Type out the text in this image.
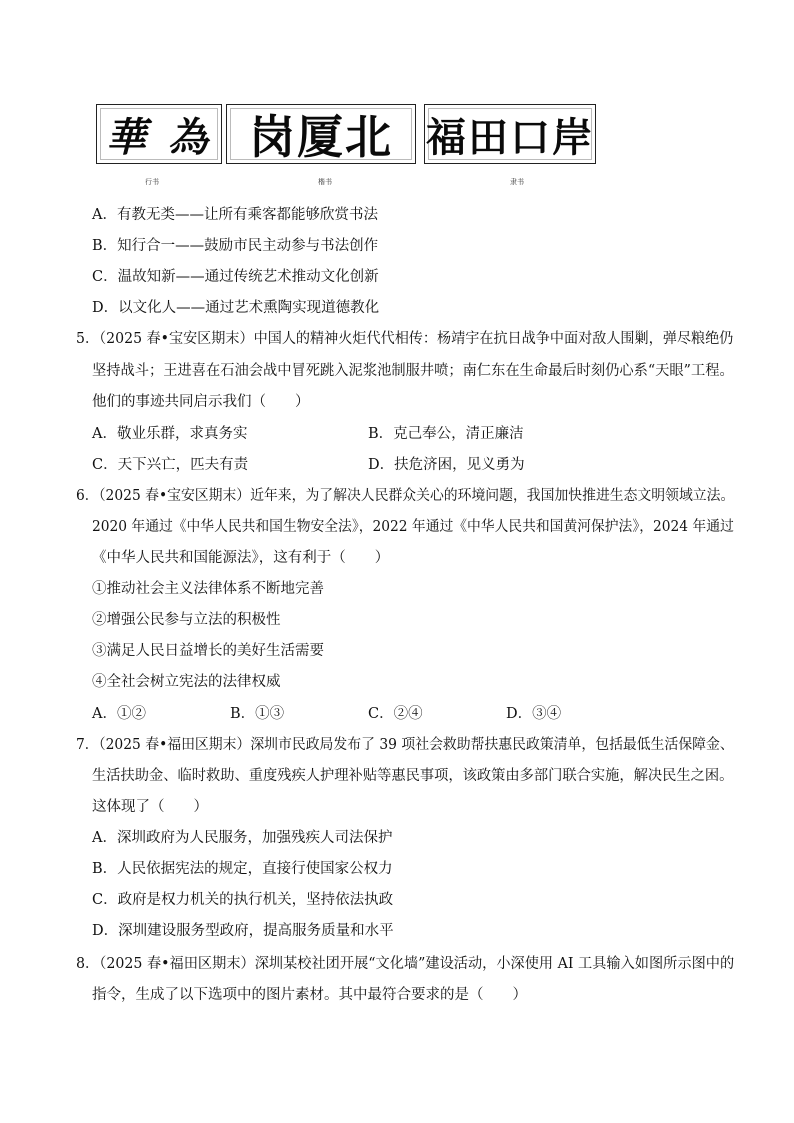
華 為 岗厦北 福田口岸
行书	楷书	隶书
A．有教无类——让所有乘客都能够欣赏书法
B．知行合一——鼓励市民主动参与书法创作
C．温故知新——通过传统艺术推动文化创新
D．以文化人——通过艺术熏陶实现道德教化
5．（2025 春•宝安区期末）中国人的精神火炬代代相传：杨靖宇在抗日战争中面对敌人围剿，弹尽粮绝仍
坚持战斗；王进喜在石油会战中冒死跳入泥浆池制服井喷；南仁东在生命最后时刻仍心系“天眼”工程。
他们的事迹共同启示我们（　　）
A．敬业乐群，求真务实	B．克己奉公，清正廉洁
C．天下兴亡，匹夫有责	D．扶危济困，见义勇为
6．（2025 春•宝安区期末）近年来，为了解决人民群众关心的环境问题，我国加快推进生态文明领域立法。
2020 年通过《中华人民共和国生物安全法》，2022 年通过《中华人民共和国黄河保护法》，2024 年通过
《中华人民共和国能源法》，这有利于（　　）
①推动社会主义法律体系不断地完善
②增强公民参与立法的积极性
③满足人民日益增长的美好生活需要
④全社会树立宪法的法律权威
A．①②	B．①③	C．②④	D．③④
7．（2025 春•福田区期末）深圳市民政局发布了 39 项社会救助帮扶惠民政策清单，包括最低生活保障金、
生活扶助金、临时救助、重度残疾人护理补贴等惠民事项，该政策由多部门联合实施，解决民生之困。
这体现了（　　）
A．深圳政府为人民服务，加强残疾人司法保护
B．人民依据宪法的规定，直接行使国家公权力
C．政府是权力机关的执行机关，坚持依法执政
D．深圳建设服务型政府，提高服务质量和水平
8．（2025 春•福田区期末）深圳某校社团开展“文化墙”建设活动，小深使用 AI 工具输入如图所示图中的
指令，生成了以下选项中的图片素材。其中最符合要求的是（　　）
